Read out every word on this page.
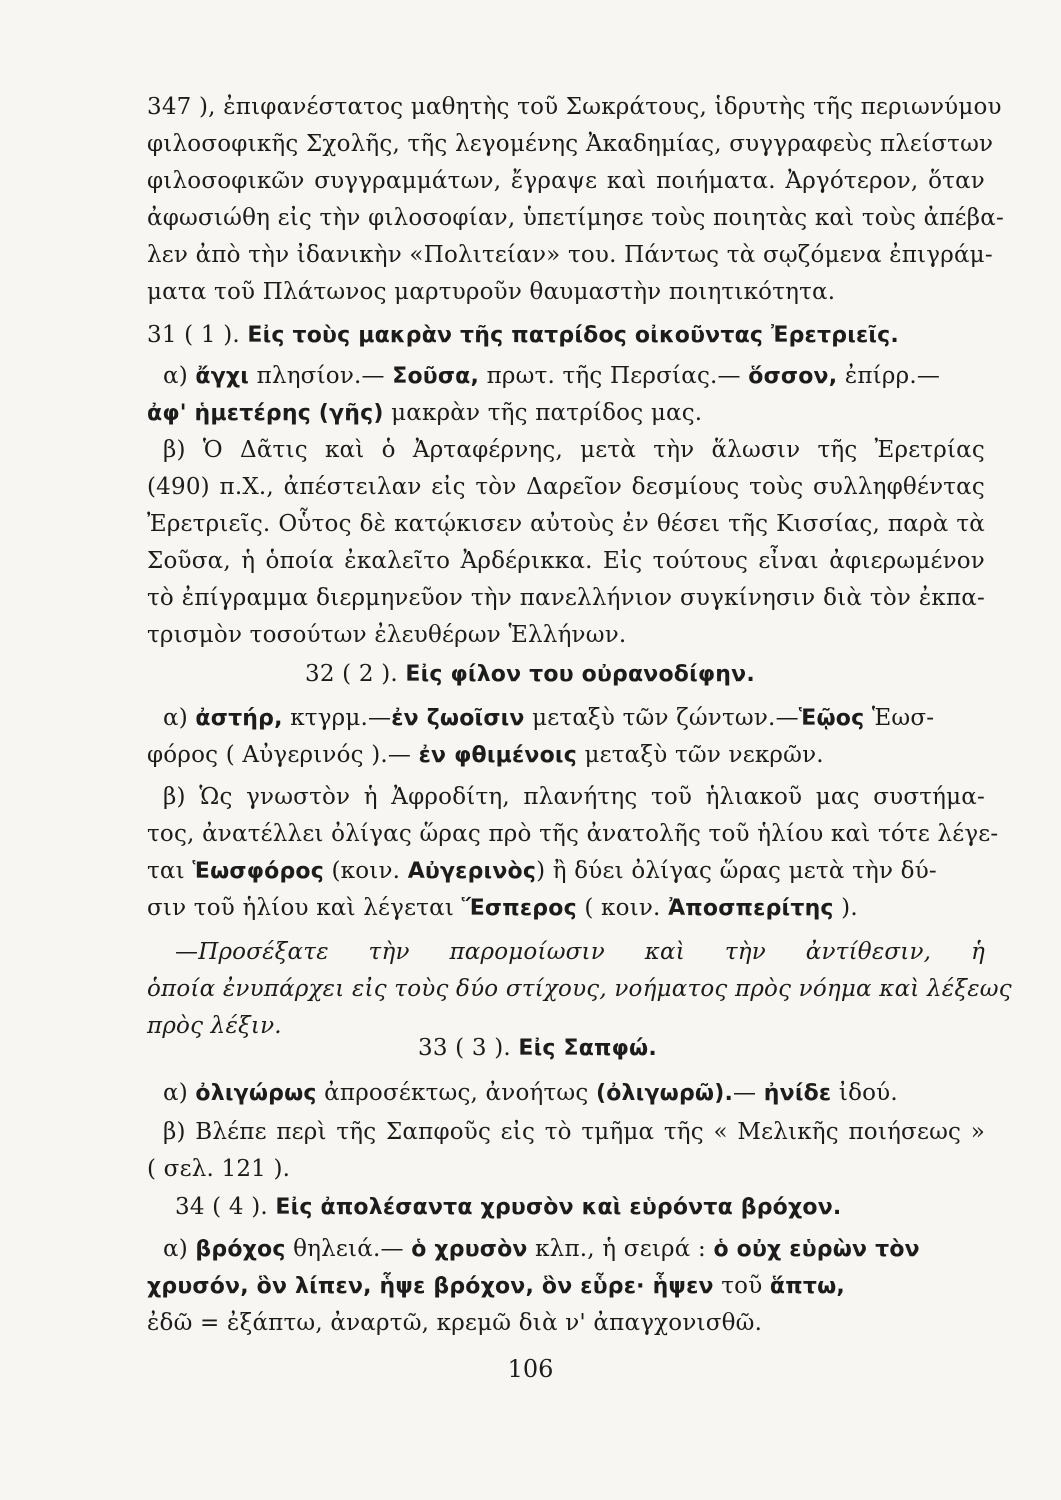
347 ), ἐπιφανέστατος μαθητὴς τοῦ Σωκράτους, ἱδρυτὴς τῆς περιωνύμου
φιλοσοφικῆς Σχολῆς, τῆς λεγομένης Ἀκαδημίας, συγγραφεὺς πλείστων
φιλοσοφικῶν συγγραμμάτων, ἔγραψε καὶ ποιήματα. Ἀργότερον, ὅταν
ἀφωσιώθη εἰς τὴν φιλοσοφίαν, ὑπετίμησε τοὺς ποιητὰς καὶ τοὺς ἀπέβα-
λεν ἀπὸ τὴν ἰδανικὴν «Πολιτείαν» του. Πάντως τὰ σῳζόμενα ἐπιγράμ-
ματα τοῦ Πλάτωνος μαρτυροῦν θαυμαστὴν ποιητικότητα.
31 ( 1 ). Εἰς τοὺς μακρὰν τῆς πατρίδος οἰκοῦντας Ἐρετριεῖς.
α) ἄγχι πλησίον.— Σοῦσα, πρωτ. τῆς Περσίας.— ὅσσον, ἐπίρρ.—
ἀφ' ἡμετέρης (γῆς) μακρὰν τῆς πατρίδος μας.
β) Ὁ Δᾶτις καὶ ὁ Ἀρταφέρνης, μετὰ τὴν ἅλωσιν τῆς Ἐρετρίας
(490) π.Χ., ἀπέστειλαν εἰς τὸν Δαρεῖον δεσμίους τοὺς συλληφθέντας
Ἐρετριεῖς. Οὗτος δὲ κατῴκισεν αὐτοὺς ἐν θέσει τῆς Κισσίας, παρὰ τὰ
Σοῦσα, ἡ ὁποία ἐκαλεῖτο Ἀρδέρικκα. Εἰς τούτους εἶναι ἀφιερωμένον
τὸ ἐπίγραμμα διερμηνεῦον τὴν πανελλήνιον συγκίνησιν διὰ τὸν ἐκπα-
τρισμὸν τοσούτων ἐλευθέρων Ἑλλήνων.
32 ( 2 ). Εἰς φίλον του οὐρανοδίφην.
α) ἀστήρ, κτγρμ.—ἐν ζωοῖσιν μεταξὺ τῶν ζώντων.—Ἑῷος Ἑωσ-
φόρος ( Αὐγερινός ).— ἐν φθιμένοις μεταξὺ τῶν νεκρῶν.
β) Ὡς γνωστὸν ἡ Ἀφροδίτη, πλανήτης τοῦ ἡλιακοῦ μας συστήμα-
τος, ἀνατέλλει ὀλίγας ὥρας πρὸ τῆς ἀνατολῆς τοῦ ἡλίου καὶ τότε λέγε-
ται Ἑωσφόρος (κοιν. Αὐγερινὸς) ἢ δύει ὀλίγας ὥρας μετὰ τὴν δύ-
σιν τοῦ ἡλίου καὶ λέγεται Ἕσπερος ( κοιν. Ἀποσπερίτης ).
—Προσέξατε τὴν παρομοίωσιν καὶ τὴν ἀντίθεσιν, ἡ
ὁποία ἐνυπάρχει εἰς τοὺς δύο στίχους, νοήματος πρὸς νόημα καὶ λέξεως
πρὸς λέξιν.
33 ( 3 ). Εἰς Σαπφώ.
α) ὀλιγώρως ἀπροσέκτως, ἀνοήτως (ὀλιγωρῶ).— ἠνίδε ἰδού.
β) Βλέπε περὶ τῆς Σαπφοῦς εἰς τὸ τμῆμα τῆς « Μελικῆς ποιήσεως »
( σελ. 121 ).
34 ( 4 ). Εἰς ἀπολέσαντα χρυσὸν καὶ εὑρόντα βρόχον.
α) βρόχος θηλειά.— ὁ χρυσὸν κλπ., ἡ σειρά : ὁ οὐχ εὑρὼν τὸν
χρυσόν, ὃν λίπεν, ἧψε βρόχον, ὃν εὗρε· ἧψεν τοῦ ἅπτω,
ἐδῶ = ἐξάπτω, ἀναρτῶ, κρεμῶ διὰ ν' ἀπαγχονισθῶ.
106
